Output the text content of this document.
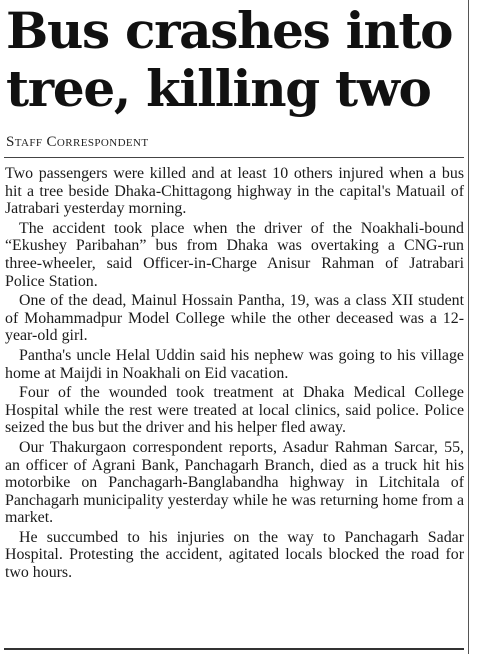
Bus crashes into tree, killing two
Staff Correspondent

Two passengers were killed and at least 10 others injured when a bus hit a tree beside Dhaka-Chittagong highway in the capital's Matuail of Jatrabari yesterday morning.

The accident took place when the driver of the Noakhali-bound “Ekushey Paribahan” bus from Dhaka was overtaking a CNG-run three-wheeler, said Officer-in-Charge Anisur Rahman of Jatrabari Police Station.

One of the dead, Mainul Hossain Pantha, 19, was a class XII student of Mohammadpur Model College while the other deceased was a 12-year-old girl.

Pantha's uncle Helal Uddin said his nephew was going to his village home at Maijdi in Noakhali on Eid vacation.

Four of the wounded took treatment at Dhaka Medical College Hospital while the rest were treated at local clinics, said police. Police seized the bus but the driver and his helper fled away.

Our Thakurgaon correspondent reports, Asadur Rahman Sarcar, 55, an officer of Agrani Bank, Panchagarh Branch, died as a truck hit his motorbike on Panchagarh-Banglabandha highway in Litchitala of Panchagarh municipality yesterday while he was returning home from a market.

He succumbed to his injuries on the way to Panchagarh Sadar Hospital. Protesting the accident, agitated locals blocked the road for two hours.
